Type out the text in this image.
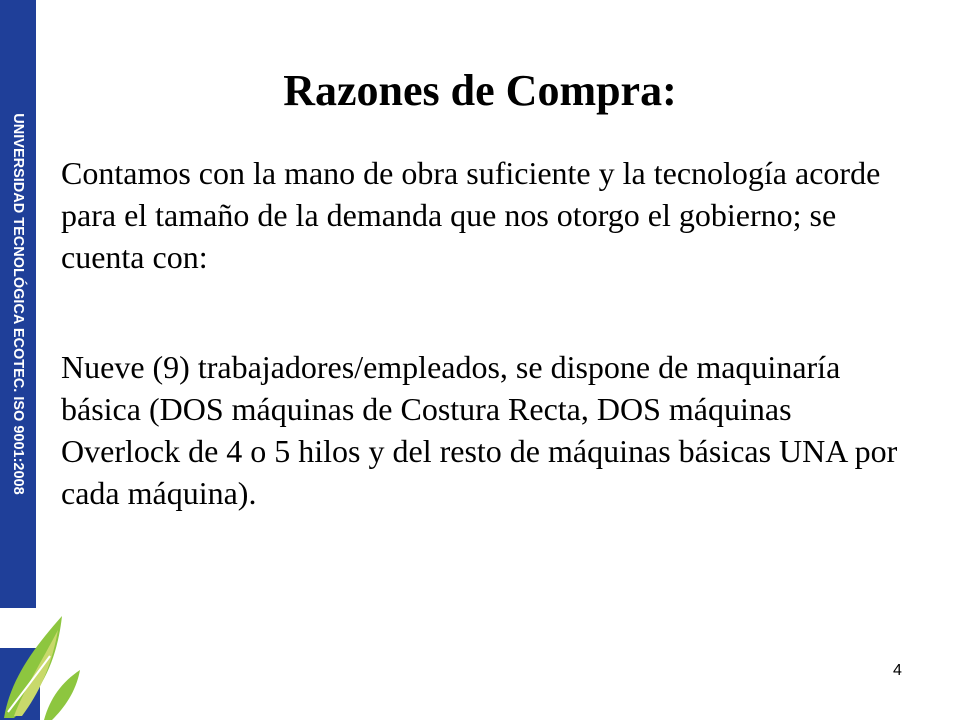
UNIVERSIDAD TECNOLÓGICA ECOTEC. ISO 9001:2008
Razones de Compra:

Contamos con la mano de obra suficiente y la tecnología acorde para el tamaño de la demanda que nos otorgo el gobierno; se cuenta con:

Nueve (9) trabajadores/empleados, se dispone de maquinaría básica (DOS máquinas de Costura Recta, DOS máquinas Overlock de 4 o 5 hilos y del resto de máquinas básicas UNA por cada máquina).

4
